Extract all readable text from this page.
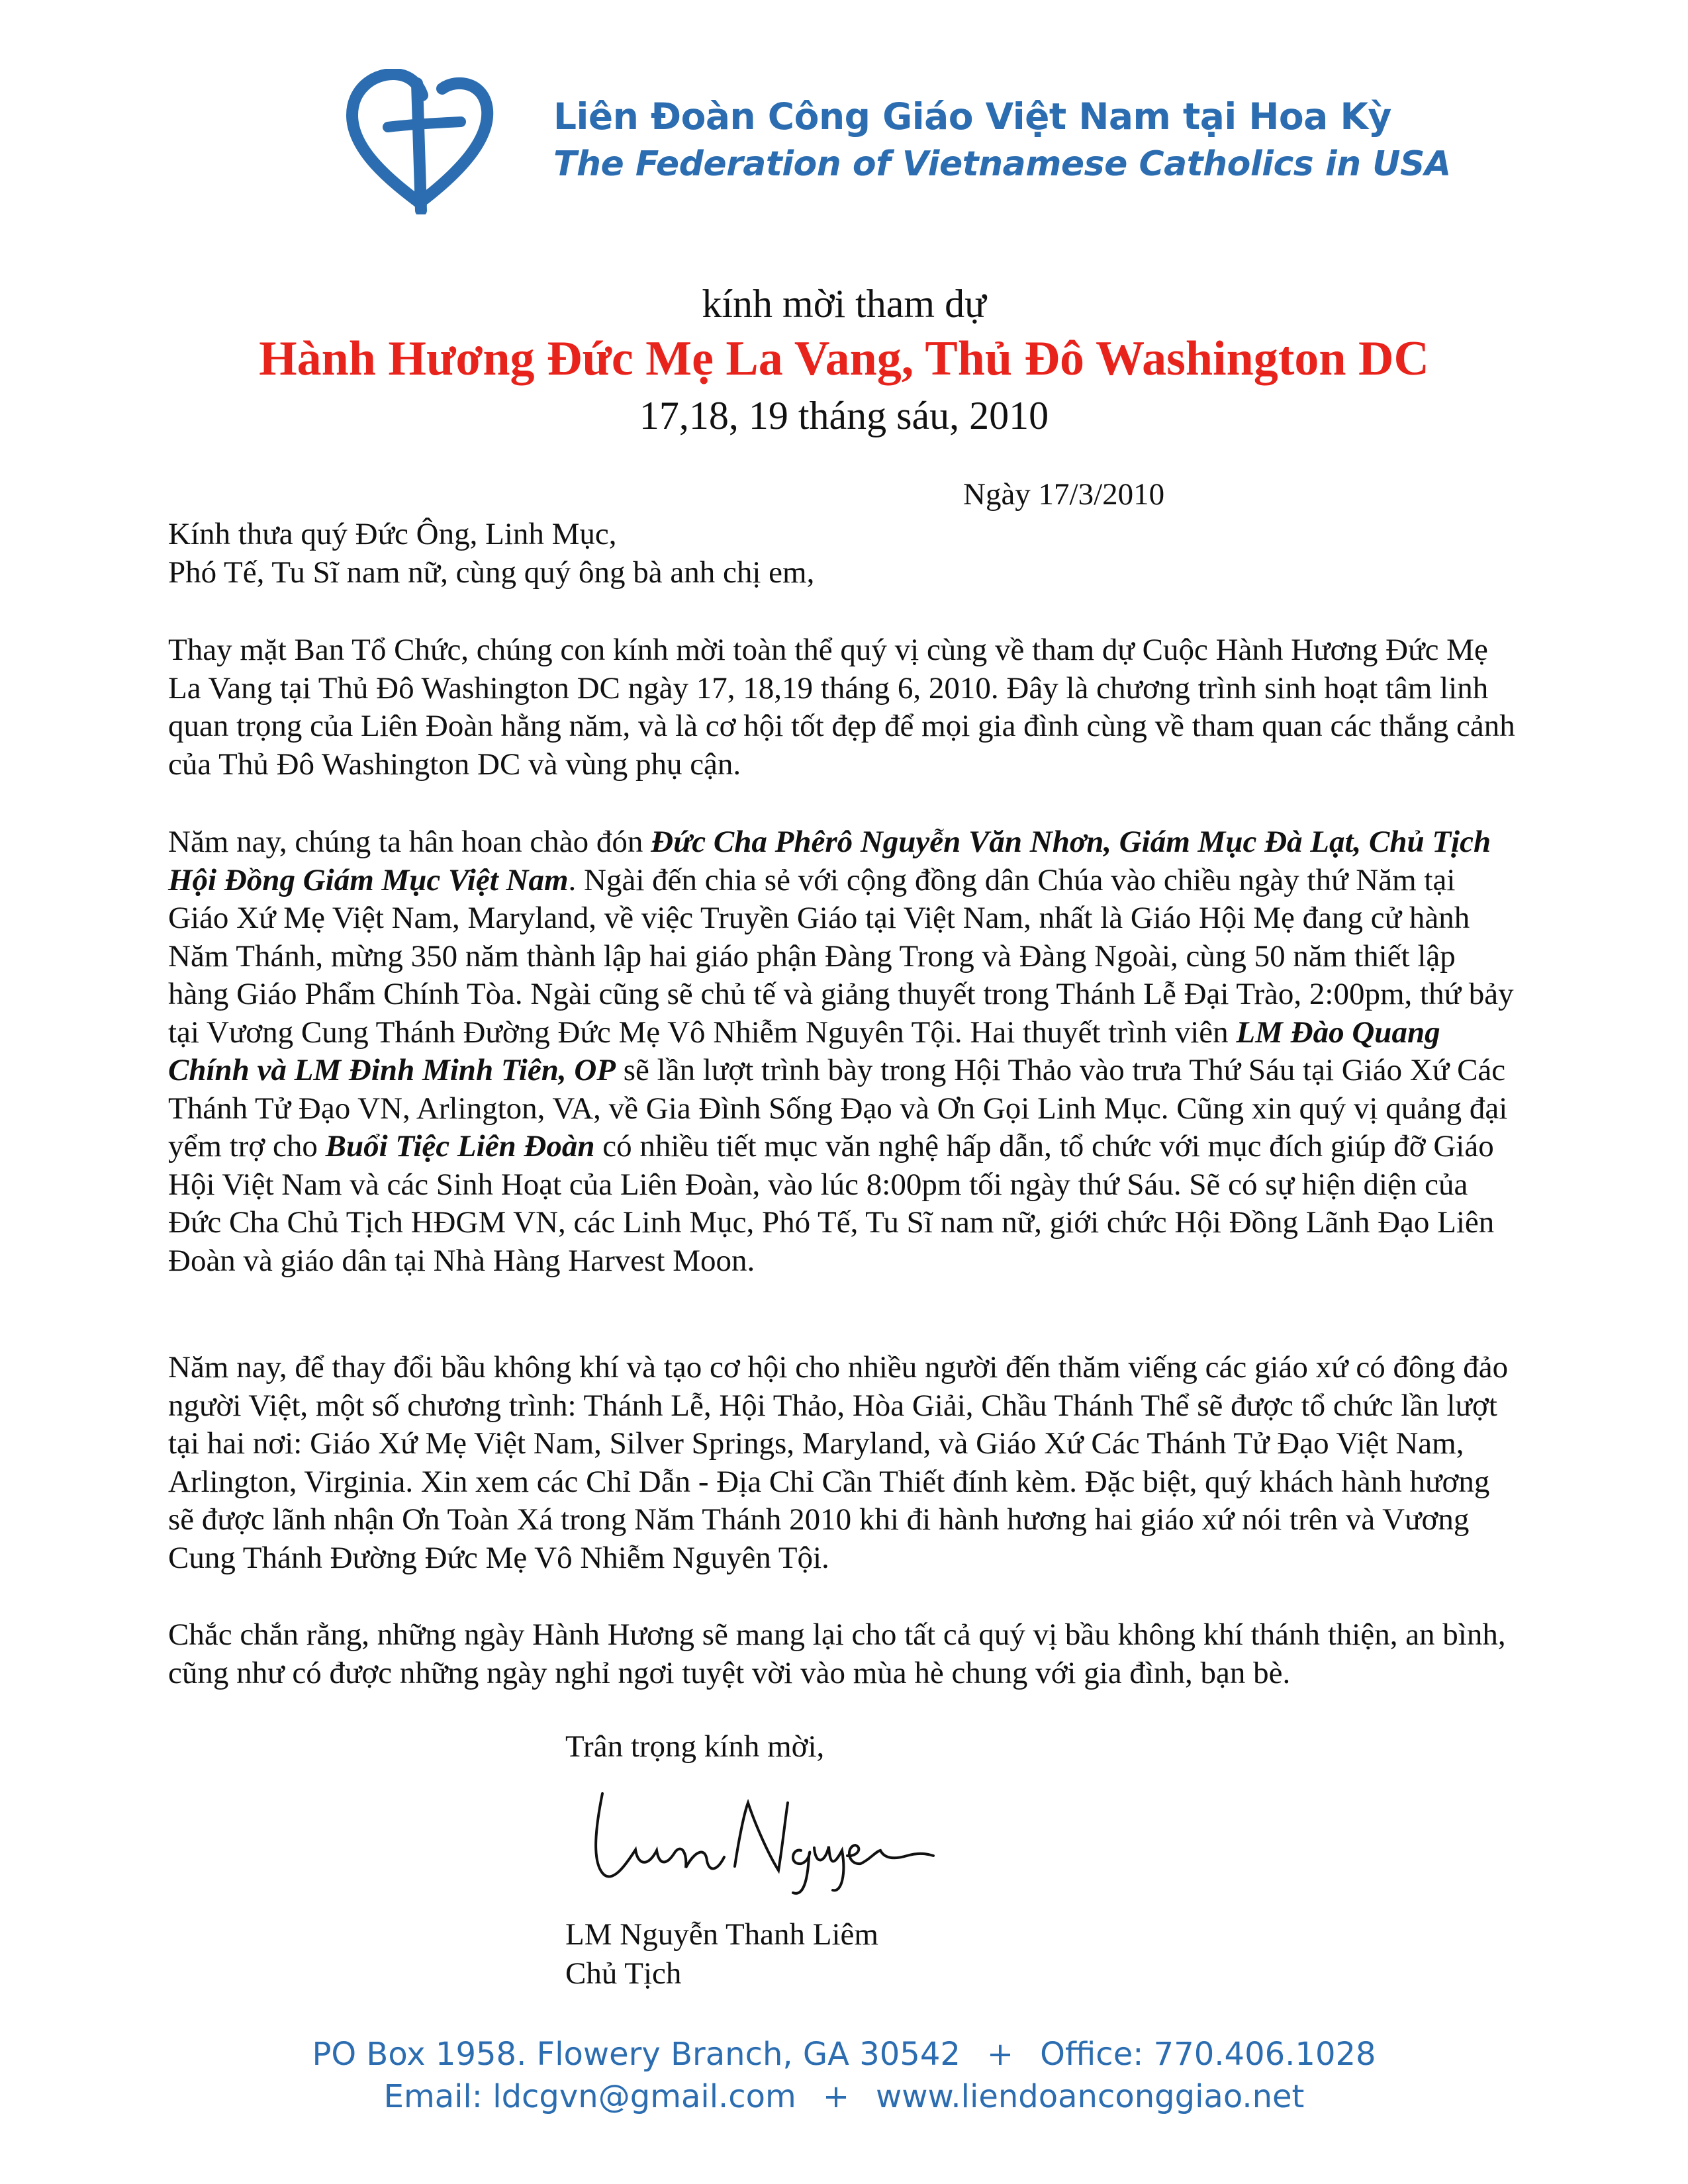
Liên Đoàn Công Giáo Việt Nam tại Hoa Kỳ
The Federation of Vietnamese Catholics in USA
kính mời tham dự
Hành Hương Đức Mẹ La Vang, Thủ Đô Washington DC
17,18, 19 tháng sáu, 2010
Ngày 17/3/2010
Kính thưa quý Đức Ông, Linh Mục,
Phó Tế, Tu Sĩ nam nữ, cùng quý ông bà anh chị em,

Thay mặt Ban Tổ Chức, chúng con kính mời toàn thể quý vị cùng về tham dự Cuộc Hành Hương Đức Mẹ La Vang tại Thủ Đô Washington DC ngày 17, 18,19 tháng 6, 2010. Đây là chương trình sinh hoạt tâm linh quan trọng của Liên Đoàn hằng năm, và là cơ hội tốt đẹp để mọi gia đình cùng về tham quan các thắng cảnh của Thủ Đô Washington DC và vùng phụ cận.

Năm nay, chúng ta hân hoan chào đón Đức Cha Phêrô Nguyễn Văn Nhơn, Giám Mục Đà Lạt, Chủ Tịch Hội Đồng Giám Mục Việt Nam. Ngài đến chia sẻ với cộng đồng dân Chúa vào chiều ngày thứ Năm tại Giáo Xứ Mẹ Việt Nam, Maryland, về việc Truyền Giáo tại Việt Nam, nhất là Giáo Hội Mẹ đang cử hành Năm Thánh, mừng 350 năm thành lập hai giáo phận Đàng Trong và Đàng Ngoài, cùng 50 năm thiết lập hàng Giáo Phẩm Chính Tòa. Ngài cũng sẽ chủ tế và giảng thuyết trong Thánh Lễ Đại Trào, 2:00pm, thứ bảy tại Vương Cung Thánh Đường Đức Mẹ Vô Nhiễm Nguyên Tội. Hai thuyết trình viên LM Đào Quang Chính và LM Đinh Minh Tiên, OP sẽ lần lượt trình bày trong Hội Thảo vào trưa Thứ Sáu tại Giáo Xứ Các Thánh Tử Đạo VN, Arlington, VA, về Gia Đình Sống Đạo và Ơn Gọi Linh Mục. Cũng xin quý vị quảng đại yểm trợ cho Buổi Tiệc Liên Đoàn có nhiều tiết mục văn nghệ hấp dẫn, tổ chức với mục đích giúp đỡ Giáo Hội Việt Nam và các Sinh Hoạt của Liên Đoàn, vào lúc 8:00pm tối ngày thứ Sáu. Sẽ có sự hiện diện của Đức Cha Chủ Tịch HĐGM VN, các Linh Mục, Phó Tế, Tu Sĩ nam nữ, giới chức Hội Đồng Lãnh Đạo Liên Đoàn và giáo dân tại Nhà Hàng Harvest Moon.

Năm nay, để thay đổi bầu không khí và tạo cơ hội cho nhiều người đến thăm viếng các giáo xứ có đông đảo người Việt, một số chương trình: Thánh Lễ, Hội Thảo, Hòa Giải, Chầu Thánh Thể sẽ được tổ chức lần lượt tại hai nơi: Giáo Xứ Mẹ Việt Nam, Silver Springs, Maryland, và Giáo Xứ Các Thánh Tử Đạo Việt Nam, Arlington, Virginia. Xin xem các Chỉ Dẫn - Địa Chỉ Cần Thiết đính kèm. Đặc biệt, quý khách hành hương sẽ được lãnh nhận Ơn Toàn Xá trong Năm Thánh 2010 khi đi hành hương hai giáo xứ nói trên và Vương Cung Thánh Đường Đức Mẹ Vô Nhiễm Nguyên Tội.

Chắc chắn rằng, những ngày Hành Hương sẽ mang lại cho tất cả quý vị bầu không khí thánh thiện, an bình, cũng như có được những ngày nghỉ ngơi tuyệt vời vào mùa hè chung với gia đình, bạn bè.

Trân trọng kính mời,
LM Nguyễn Thanh Liêm
Chủ Tịch
PO Box 1958. Flowery Branch, GA 30542 + Office: 770.406.1028
Email: ldcgvn@gmail.com + www.liendoanconggiao.net
